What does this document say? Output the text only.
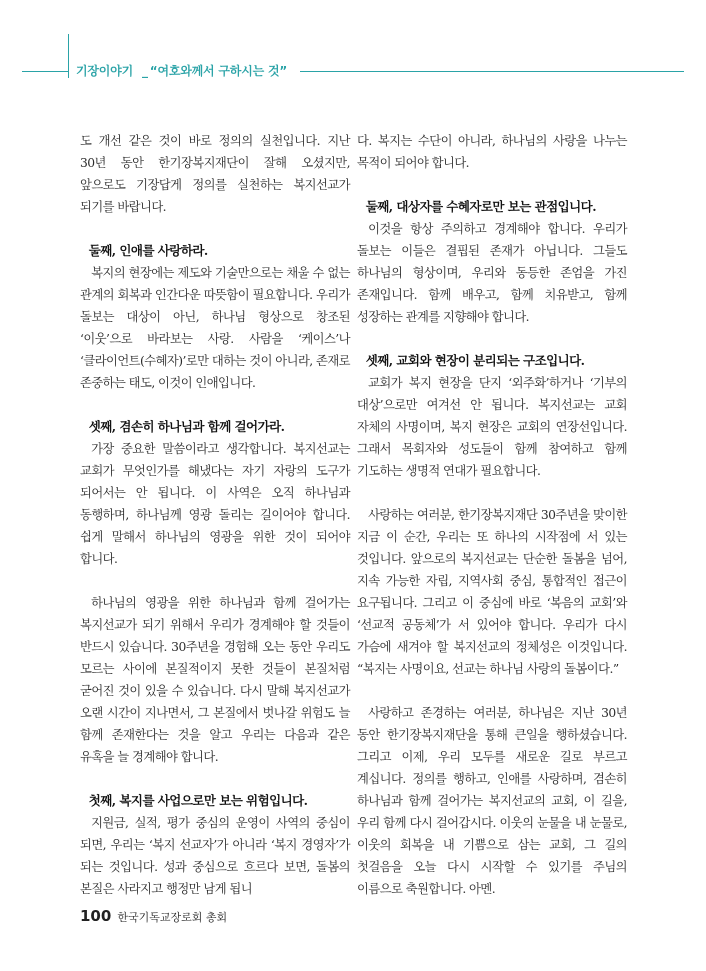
기장이야기 _ “여호와께서 구하시는 것”

도 개선 같은 것이 바로 정의의 실천입니다. 지난 30년 동안 한기장복지재단이 잘해 오셨지만, 앞으로도 기장답게 정의를 실천하는 복지선교가 되기를 바랍니다.

둘째, 인애를 사랑하라.

복지의 현장에는 제도와 기술만으로는 채울 수 없는 관계의 회복과 인간다운 따뜻함이 필요합니다. 우리가 돌보는 대상이 아닌, 하나님 형상으로 창조된 ‘이웃’으로 바라보는 사랑. 사람을 ‘케이스’나 ‘클라이언트(수혜자)’로만 대하는 것이 아니라, 존재로 존중하는 태도, 이것이 인애입니다.

셋째, 겸손히 하나님과 함께 걸어가라.

가장 중요한 말씀이라고 생각합니다. 복지선교는 교회가 무엇인가를 해냈다는 자기 자랑의 도구가 되어서는 안 됩니다. 이 사역은 오직 하나님과 동행하며, 하나님께 영광 돌리는 길이어야 합니다. 쉽게 말해서 하나님의 영광을 위한 것이 되어야 합니다.

하나님의 영광을 위한 하나님과 함께 걸어가는 복지선교가 되기 위해서 우리가 경계해야 할 것들이 반드시 있습니다. 30주년을 경험해 오는 동안 우리도 모르는 사이에 본질적이지 못한 것들이 본질처럼 굳어진 것이 있을 수 있습니다. 다시 말해 복지선교가 오랜 시간이 지나면서, 그 본질에서 벗나갈 위험도 늘 함께 존재한다는 것을 알고 우리는 다음과 같은 유혹을 늘 경계해야 합니다.

첫째, 복지를 사업으로만 보는 위험입니다.

지원금, 실적, 평가 중심의 운영이 사역의 중심이 되면, 우리는 ‘복지 선교자’가 아니라 ‘복지 경영자’가 되는 것입니다. 성과 중심으로 흐르다 보면, 돌봄의 본질은 사라지고 행정만 남게 됩니

다. 복지는 수단이 아니라, 하나님의 사랑을 나누는 목적이 되어야 합니다.

둘째, 대상자를 수혜자로만 보는 관점입니다.

이것을 항상 주의하고 경계해야 합니다. 우리가 돌보는 이들은 결핍된 존재가 아닙니다. 그들도 하나님의 형상이며, 우리와 동등한 존엄을 가진 존재입니다. 함께 배우고, 함께 치유받고, 함께 성장하는 관계를 지향해야 합니다.

셋째, 교회와 현장이 분리되는 구조입니다.

교회가 복지 현장을 단지 ‘외주화’하거나 ‘기부의 대상’으로만 여겨선 안 됩니다. 복지선교는 교회 자체의 사명이며, 복지 현장은 교회의 연장선입니다. 그래서 목회자와 성도들이 함께 참여하고 함께 기도하는 생명적 연대가 필요합니다.

사랑하는 여러분, 한기장복지재단 30주년을 맞이한 지금 이 순간, 우리는 또 하나의 시작점에 서 있는 것입니다. 앞으로의 복지선교는 단순한 돌봄을 넘어, 지속 가능한 자립, 지역사회 중심, 통합적인 접근이 요구됩니다. 그리고 이 중심에 바로 ‘복음의 교회’와 ‘선교적 공동체’가 서 있어야 합니다. 우리가 다시 가슴에 새겨야 할 복지선교의 정체성은 이것입니다. “복지는 사명이요, 선교는 하나님 사랑의 돌봄이다.”

사랑하고 존경하는 여러분, 하나님은 지난 30년 동안 한기장복지재단을 통해 큰일을 행하셨습니다. 그리고 이제, 우리 모두를 새로운 길로 부르고 계십니다. 정의를 행하고, 인애를 사랑하며, 겸손히 하나님과 함께 걸어가는 복지선교의 교회, 이 길을, 우리 함께 다시 걸어갑시다. 이웃의 눈물을 내 눈물로, 이웃의 회복을 내 기쁨으로 삼는 교회, 그 길의 첫걸음을 오늘 다시 시작할 수 있기를 주님의 이름으로 축원합니다. 아멘.

100 한국기독교장로회 총회
